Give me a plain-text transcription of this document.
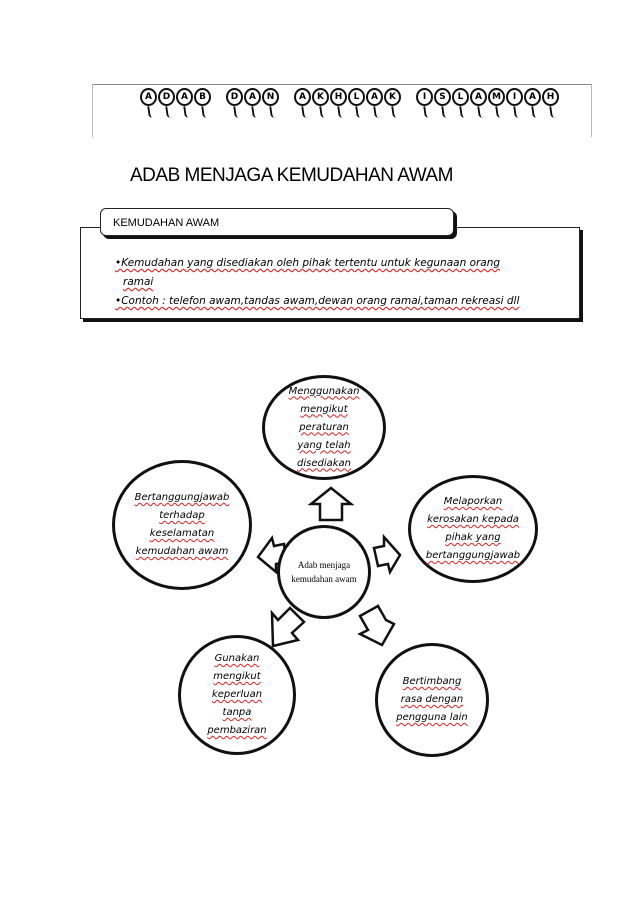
A	D	A	B	D	A	N	A	K	H	L	A	K	I	S	L	A	M	I	A	H
ADAB MENJAGA KEMUDAHAN AWAM
KEMUDAHAN AWAM
•Kemudahan yang disediakan oleh pihak tertentu untuk kegunaan orang
ramai
•Contoh : telefon awam,tandas awam,dewan orang ramai,taman rekreasi dll
Adab menjaga
kemudahan awam
Menggunakan
mengikut
peraturan
yang telah
disediakan
Melaporkan
kerosakan kepada
pihak yang
bertanggungjawab
Bertimbang
rasa dengan
pengguna lain
Gunakan
mengikut
keperluan
tanpa
pembaziran
Bertanggungjawab
terhadap
keselamatan
kemudahan awam
